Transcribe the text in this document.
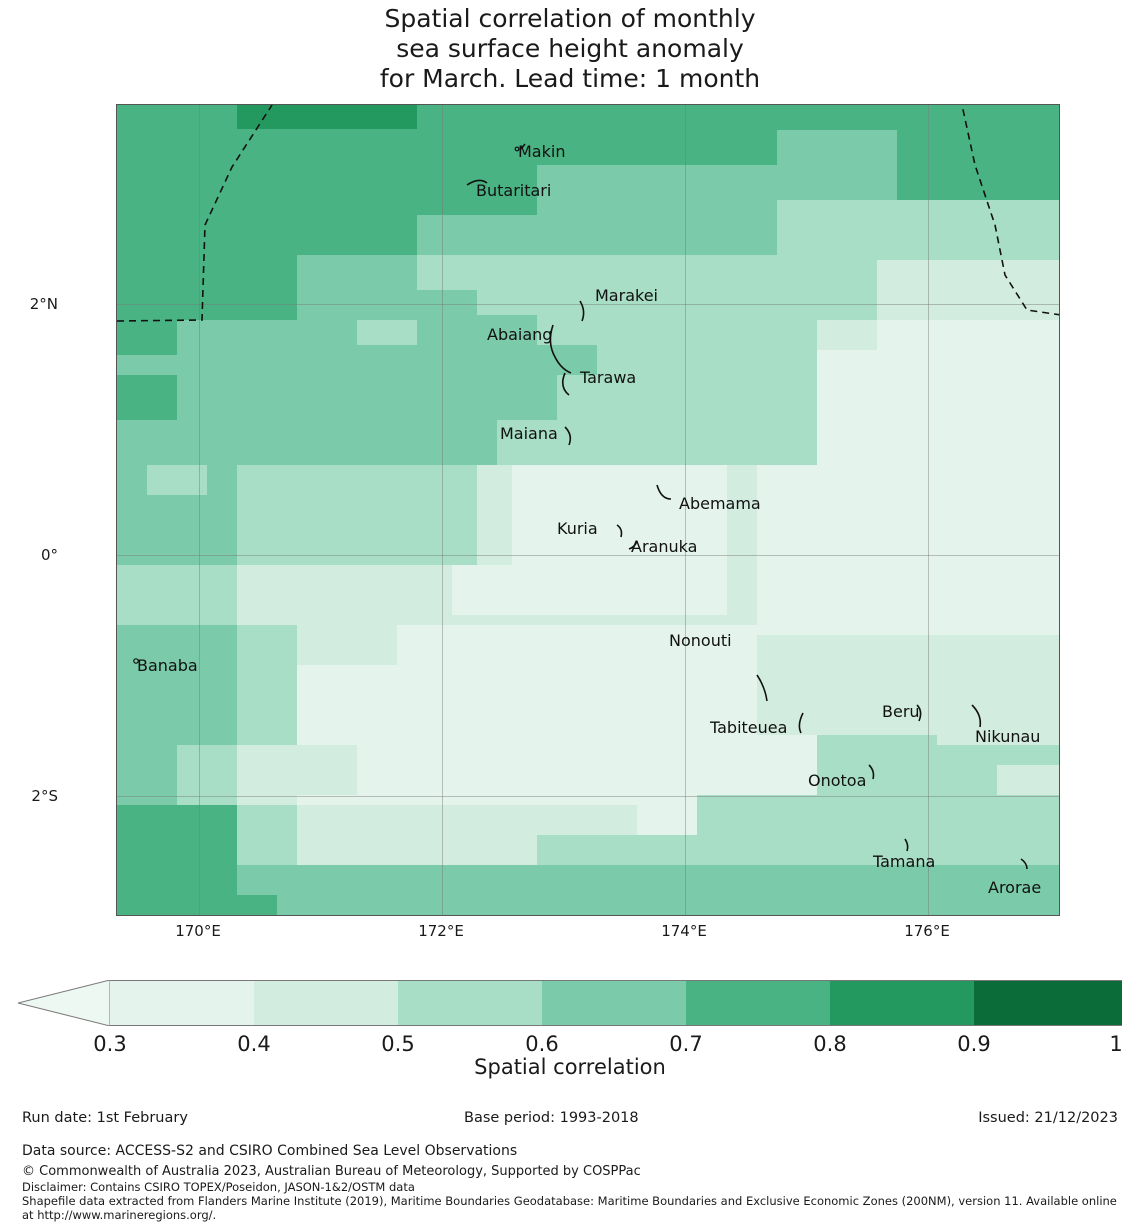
Spatial correlation of monthly
sea surface height anomaly
for March. Lead time: 1 month
2°N
0°
2°S
170°E	172°E	174°E	176°E
Makin
Butaritari
Marakei
Abaiang
Tarawa
Maiana
Abemama
Kuria
Aranuka
Nonouti
Banaba
Tabiteuea
Beru
Nikunau
Onotoa
Tamana
Arorae
0.3	0.4	0.5	0.6	0.7	0.8	0.9	1
Spatial correlation
Run date: 1st February	Base period: 1993-2018	Issued: 21/12/2023
Data source: ACCESS-S2 and CSIRO Combined Sea Level Observations
© Commonwealth of Australia 2023, Australian Bureau of Meteorology, Supported by COSPPac
Disclaimer: Contains CSIRO TOPEX/Poseidon, JASON-1&2/OSTM data
Shapefile data extracted from Flanders Marine Institute (2019), Maritime Boundaries Geodatabase: Maritime Boundaries and Exclusive Economic Zones (200NM), version 11. Available online at http://www.marineregions.org/.
